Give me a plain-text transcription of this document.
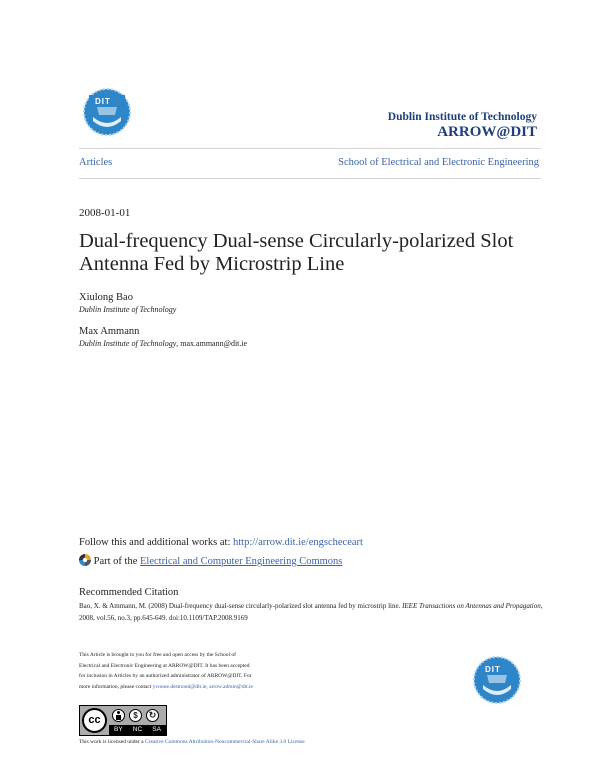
DIT
Dublin Institute of Technology
ARROW@DIT
Articles	School of Electrical and Electronic Engineering
2008-01-01
Dual-frequency Dual-sense Circularly-polarized Slot Antenna Fed by Microstrip Line
Xiulong Bao
Dublin Institute of Technology
Max Ammann
Dublin Institute of Technology, max.ammann@dit.ie
Follow this and additional works at: http://arrow.dit.ie/engscheceart
Part of the Electrical and Computer Engineering Commons
Recommended Citation
Bao, X. & Ammann, M. (2008) Dual-frequency dual-sense circularly-polarized slot antenna fed by microstrip line. IEEE Transactions on Antennas and Propagation, 2008, vol.56, no.3, pp.645-649. doi:10.1109/TAP.2008.9169
This Article is brought to you for free and open access by the School of Electrical and Electronic Engineering at ARROW@DIT. It has been accepted for inclusion in Articles by an authorized administrator of ARROW@DIT. For more information, please contact yvonne.desmond@dit.ie, arrow.admin@dit.ie
cc	$	↻
BY NC SA
This work is licensed under a Creative Commons Attribution-Noncommercial-Share Alike 3.0 License
DIT
